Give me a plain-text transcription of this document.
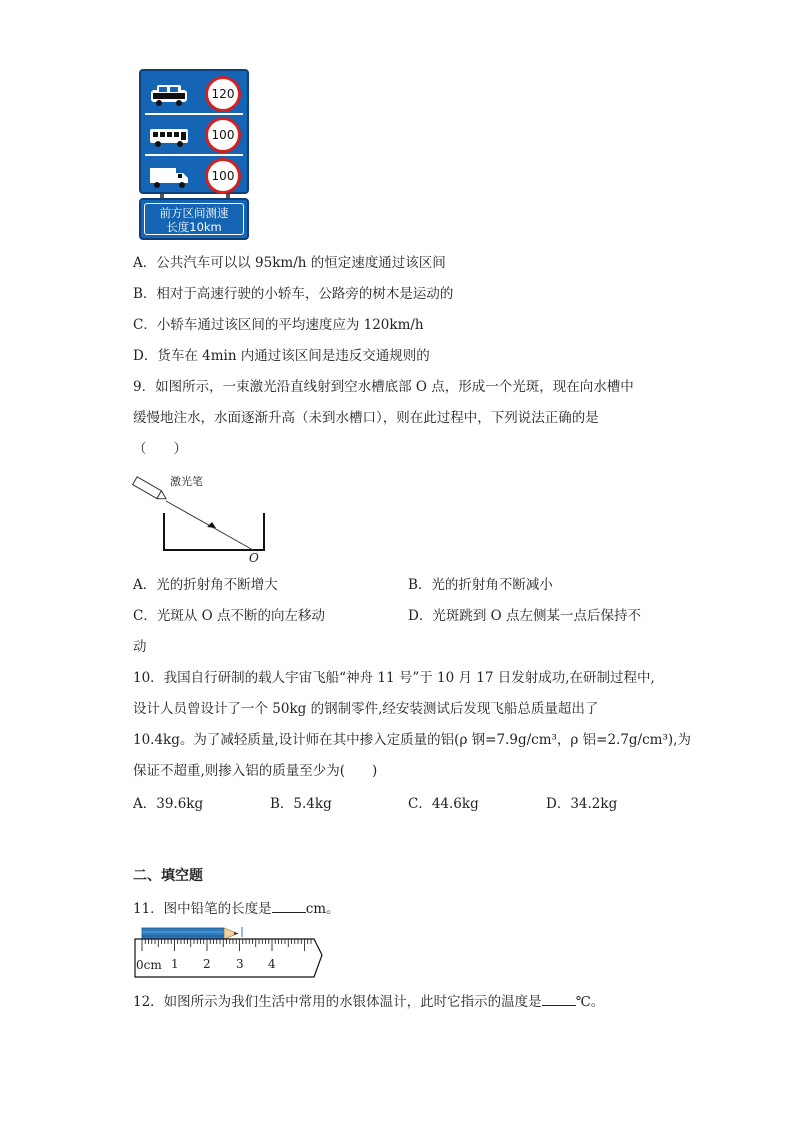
120
100
100
前方区间测速
长度10km
A．公共汽车可以以 95km/h 的恒定速度通过该区间
B．相对于高速行驶的小轿车，公路旁的树木是运动的
C．小轿车通过该区间的平均速度应为 120km/h
D．货车在 4min 内通过该区间是违反交通规则的
9．如图所示，一束激光沿直线射到空水槽底部 O 点，形成一个光斑，现在向水槽中
缓慢地注水，水面逐渐升高（未到水槽口），则在此过程中，下列说法正确的是
（　　）
激光笔
O
A．光的折射角不断增大	B．光的折射角不断减小
C．光斑从 O 点不断的向左移动	D．光斑跳到 O 点左侧某一点后保持不
动
10．我国自行研制的载人宇宙飞船“神舟 11 号”于 10 月 17 日发射成功,在研制过程中,
设计人员曾设计了一个 50kg 的钢制零件,经安装测试后发现飞船总质量超出了
10.4kg。为了减轻质量,设计师在其中掺入定质量的铝(ρ 钢=7.9g/cm³，ρ 铝=2.7g/cm³),为
保证不超重,则掺入铝的质量至少为(　　)
A．39.6kg	B．5.4kg	C．44.6kg	D．34.2kg
二、填空题
11．图中铅笔的长度是	cm。
0cm 1 2 3 4
12．如图所示为我们生活中常用的水银体温计，此时它指示的温度是	℃。
